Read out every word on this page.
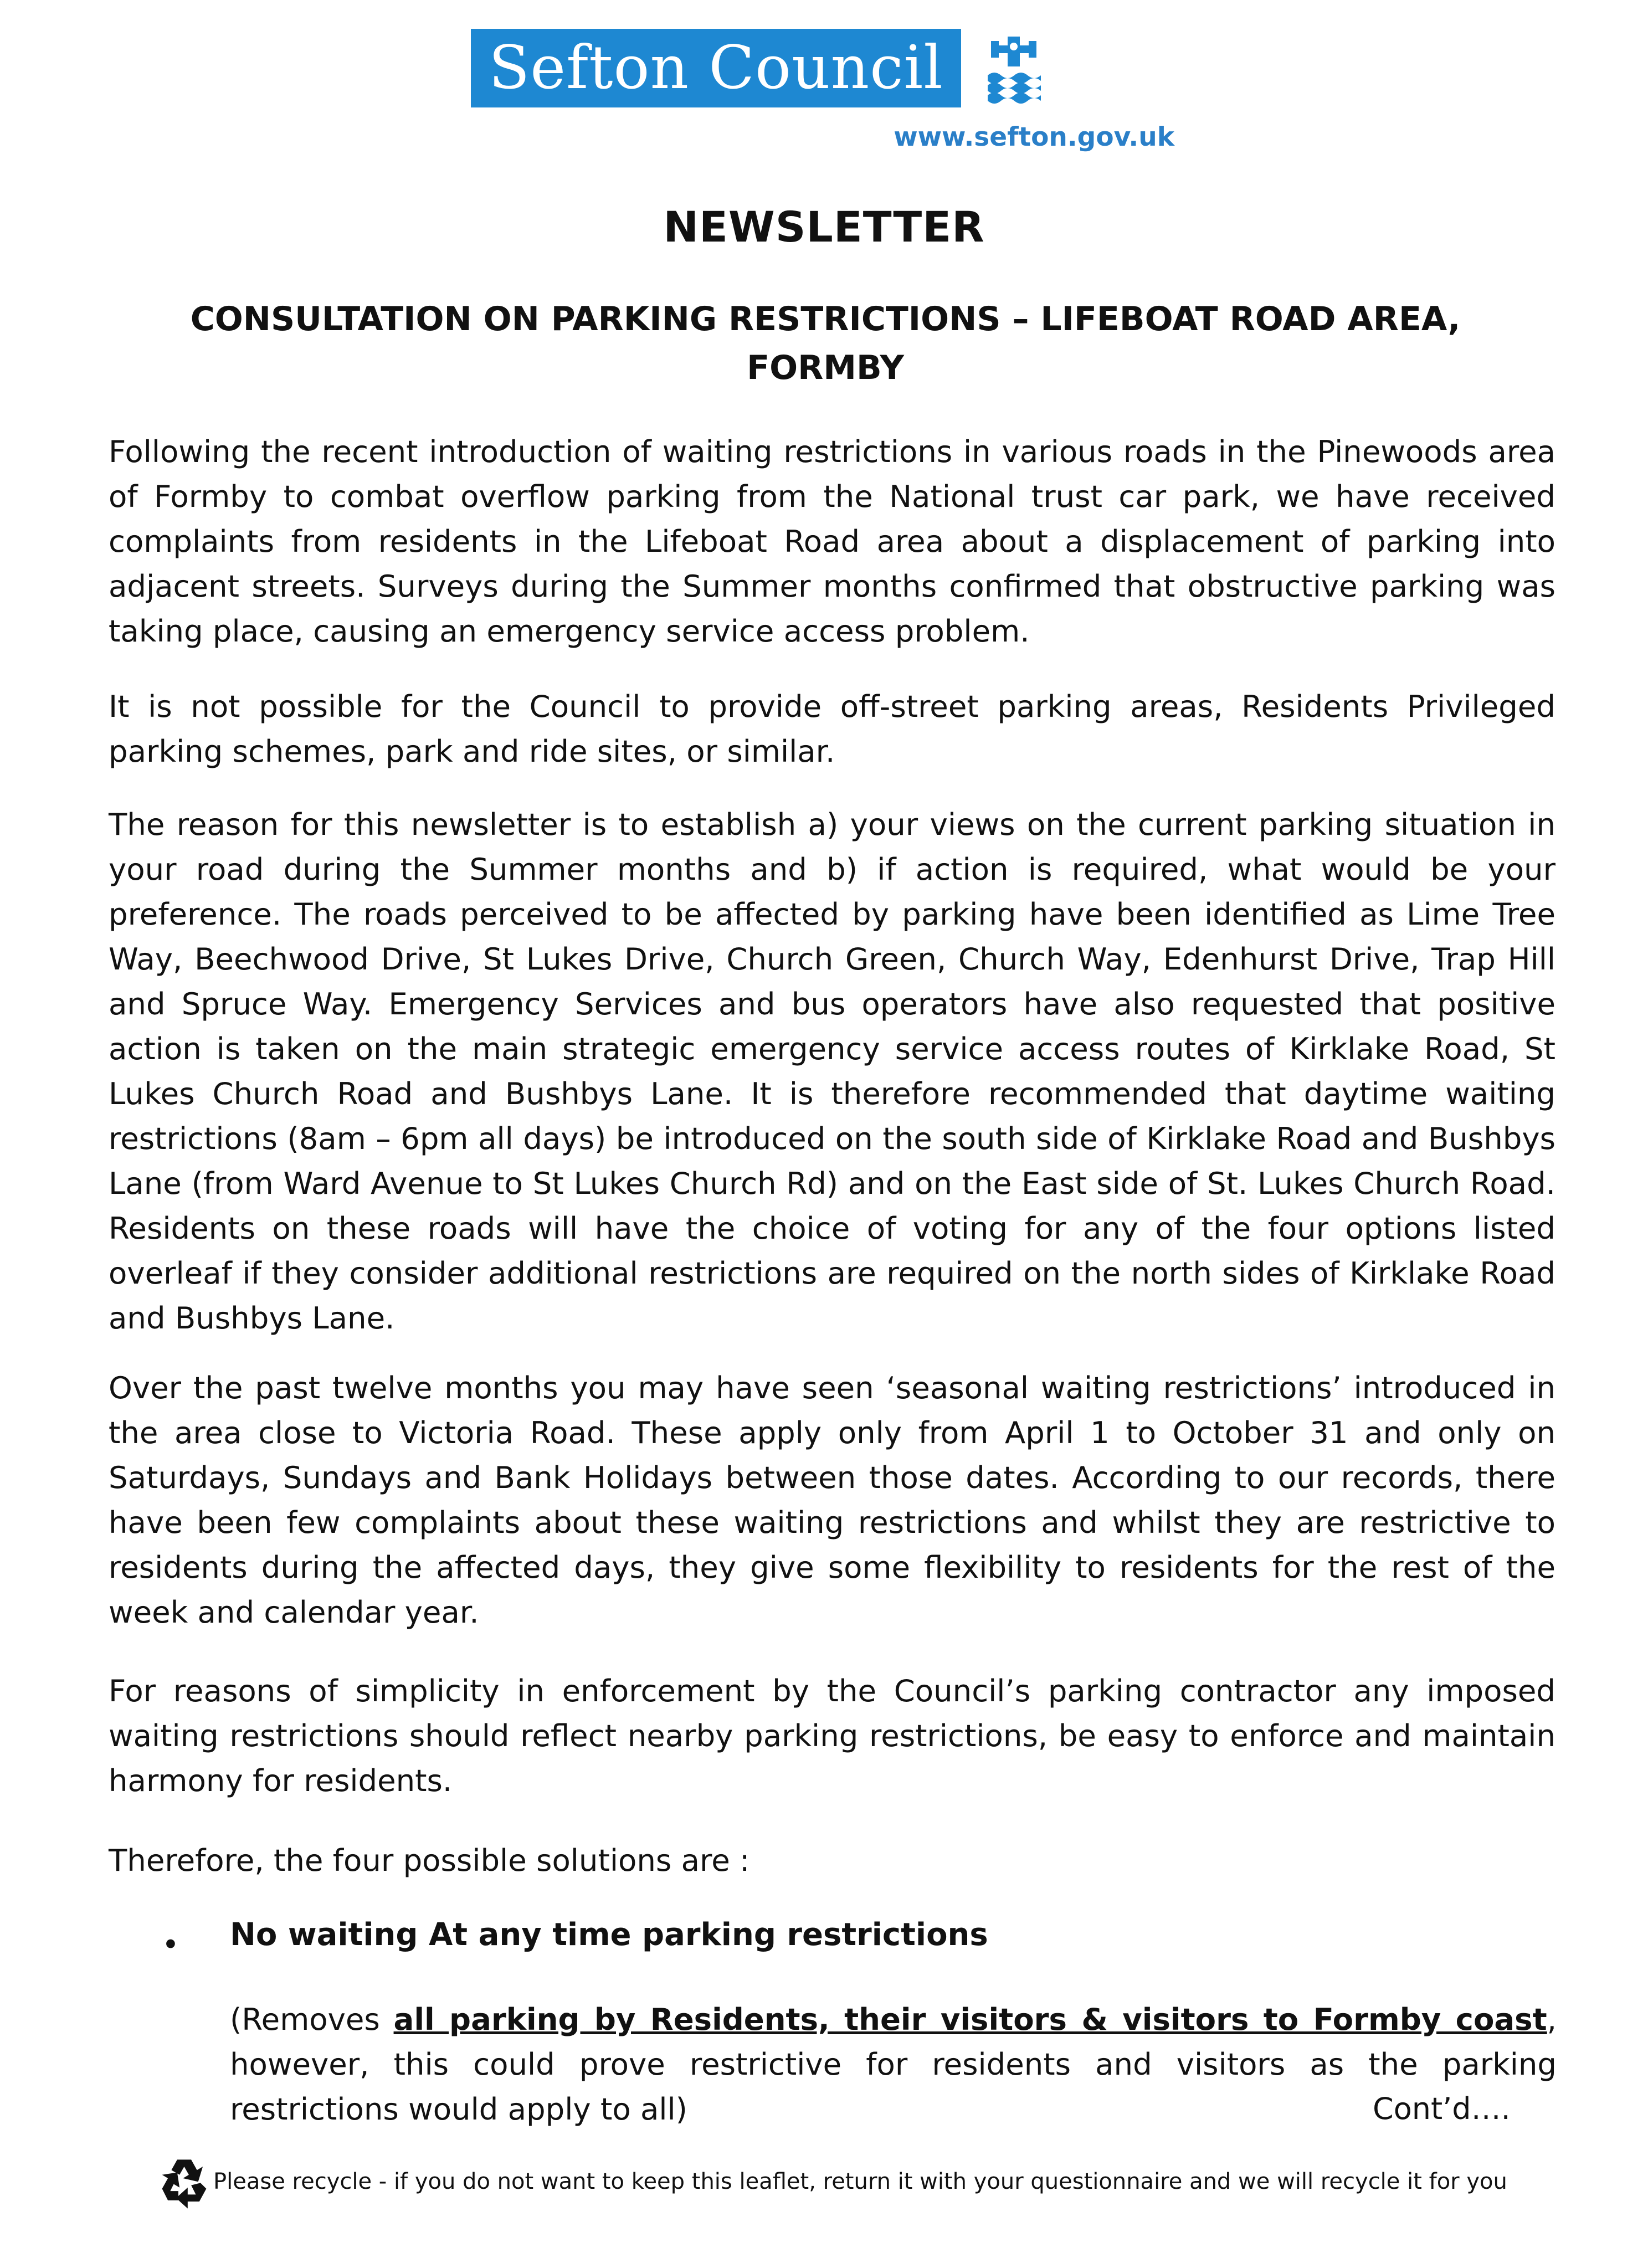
Sefton Council
www.sefton.gov.uk
NEWSLETTER
CONSULTATION ON PARKING RESTRICTIONS – LIFEBOAT ROAD AREA, FORMBY

Following the recent introduction of waiting restrictions in various roads in the Pinewoods area of Formby to combat overflow parking from the National trust car park, we have received complaints from residents in the Lifeboat Road area about a displacement of parking into adjacent streets. Surveys during the Summer months confirmed that obstructive parking was taking place, causing an emergency service access problem.

It is not possible for the Council to provide off-street parking areas, Residents Privileged parking schemes, park and ride sites, or similar.

The reason for this newsletter is to establish a) your views on the current parking situation in your road during the Summer months and b) if action is required, what would be your preference. The roads perceived to be affected by parking have been identified as Lime Tree Way, Beechwood Drive, St Lukes Drive, Church Green, Church Way, Edenhurst Drive, Trap Hill and Spruce Way. Emergency Services and bus operators have also requested that positive action is taken on the main strategic emergency service access routes of Kirklake Road, St Lukes Church Road and Bushbys Lane. It is therefore recommended that daytime waiting restrictions (8am – 6pm all days) be introduced on the south side of Kirklake Road and Bushbys Lane (from Ward Avenue to St Lukes Church Rd) and on the East side of St. Lukes Church Road. Residents on these roads will have the choice of voting for any of the four options listed overleaf if they consider additional restrictions are required on the north sides of Kirklake Road and Bushbys Lane.

Over the past twelve months you may have seen ‘seasonal waiting restrictions’ introduced in the area close to Victoria Road. These apply only from April 1 to October 31 and only on Saturdays, Sundays and Bank Holidays between those dates. According to our records, there have been few complaints about these waiting restrictions and whilst they are restrictive to residents during the affected days, they give some flexibility to residents for the rest of the week and calendar year.

For reasons of simplicity in enforcement by the Council’s parking contractor any imposed waiting restrictions should reflect nearby parking restrictions, be easy to enforce and maintain harmony for residents.

Therefore, the four possible solutions are :

• No waiting At any time parking restrictions
(Removes all parking by Residents, their visitors & visitors to Formby coast, however, this could prove restrictive for residents and visitors as the parking restrictions would apply to all)	Cont’d….
Please recycle - if you do not want to keep this leaflet, return it with your questionnaire and we will recycle it for you
